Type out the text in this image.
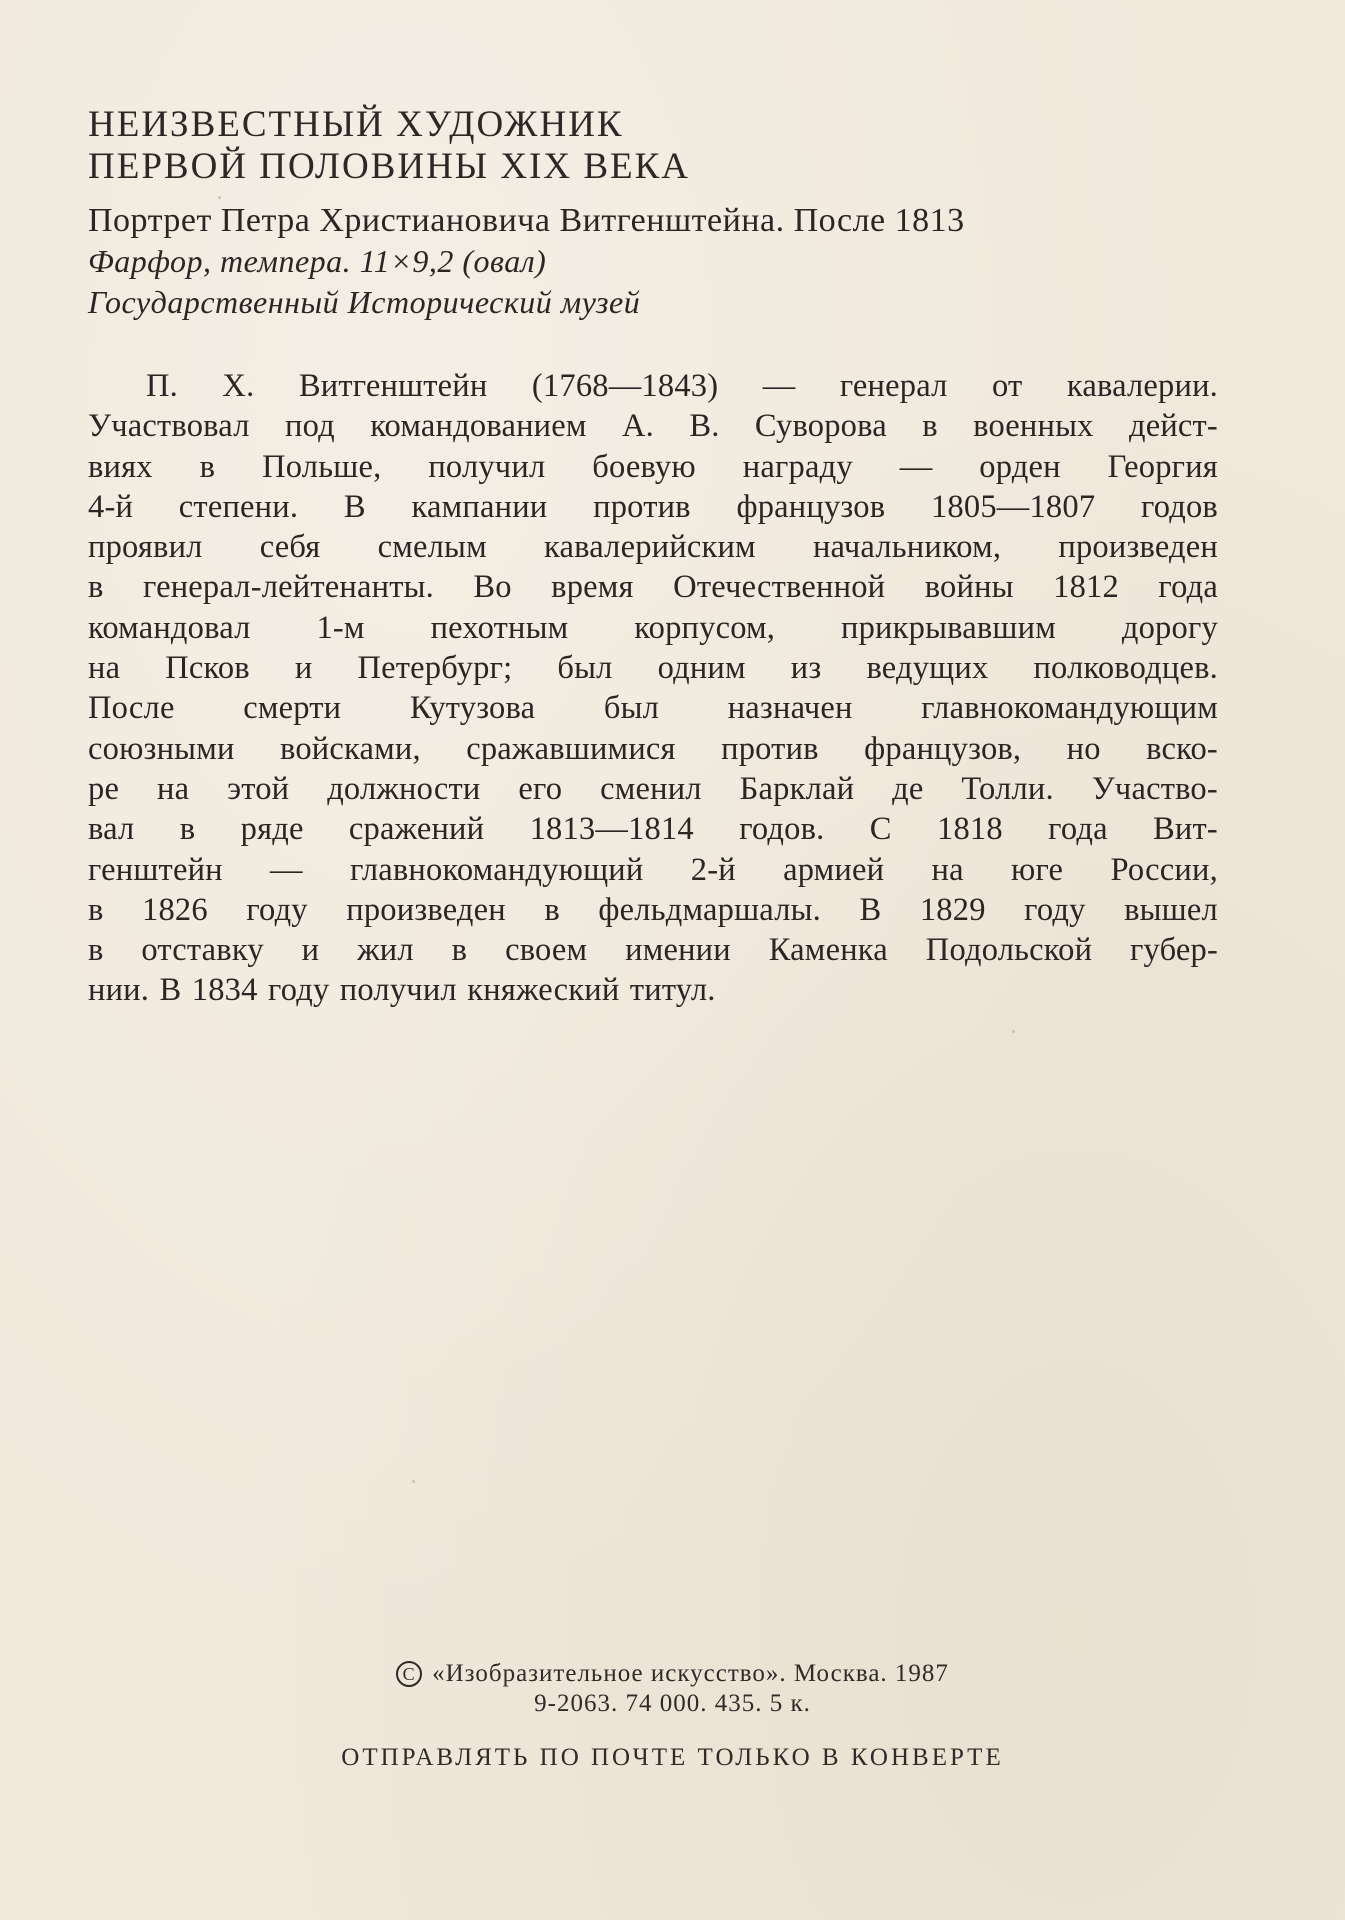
НЕИЗВЕСТНЫЙ ХУДОЖНИК

ПЕРВОЙ ПОЛОВИНЫ XIX ВЕКА

Портрет Петра Христиановича Витгенштейна. После 1813

Фарфор, темпера. 11×9,2 (овал)

Государственный Исторический музей

П. Х. Витгенштейн (1768—1843) — генерал от кавалерии.
Участвовал под командованием А. В. Суворова в военных дейст-
виях в Польше, получил боевую награду — орден Георгия
4-й степени. В кампании против французов 1805—1807 годов
проявил себя смелым кавалерийским начальником, произведен
в генерал-лейтенанты. Во время Отечественной войны 1812 года
командовал 1-м пехотным корпусом, прикрывавшим дорогу
на Псков и Петербург; был одним из ведущих полководцев.
После смерти Кутузова был назначен главнокомандующим
союзными войсками, сражавшимися против французов, но вско-
ре на этой должности его сменил Барклай де Толли. Участво-
вал в ряде сражений 1813—1814 годов. С 1818 года Вит-
генштейн — главнокомандующий 2-й армией на юге России,
в 1826 году произведен в фельдмаршалы. В 1829 году вышел
в отставку и жил в своем имении Каменка Подольской губер-
нии. В 1834 году получил княжеский титул.
C «Изобразительное искусство». Москва. 1987
9-2063. 74 000. 435. 5 к.
ОТПРАВЛЯТЬ ПО ПОЧТЕ ТОЛЬКО В КОНВЕРТЕ
